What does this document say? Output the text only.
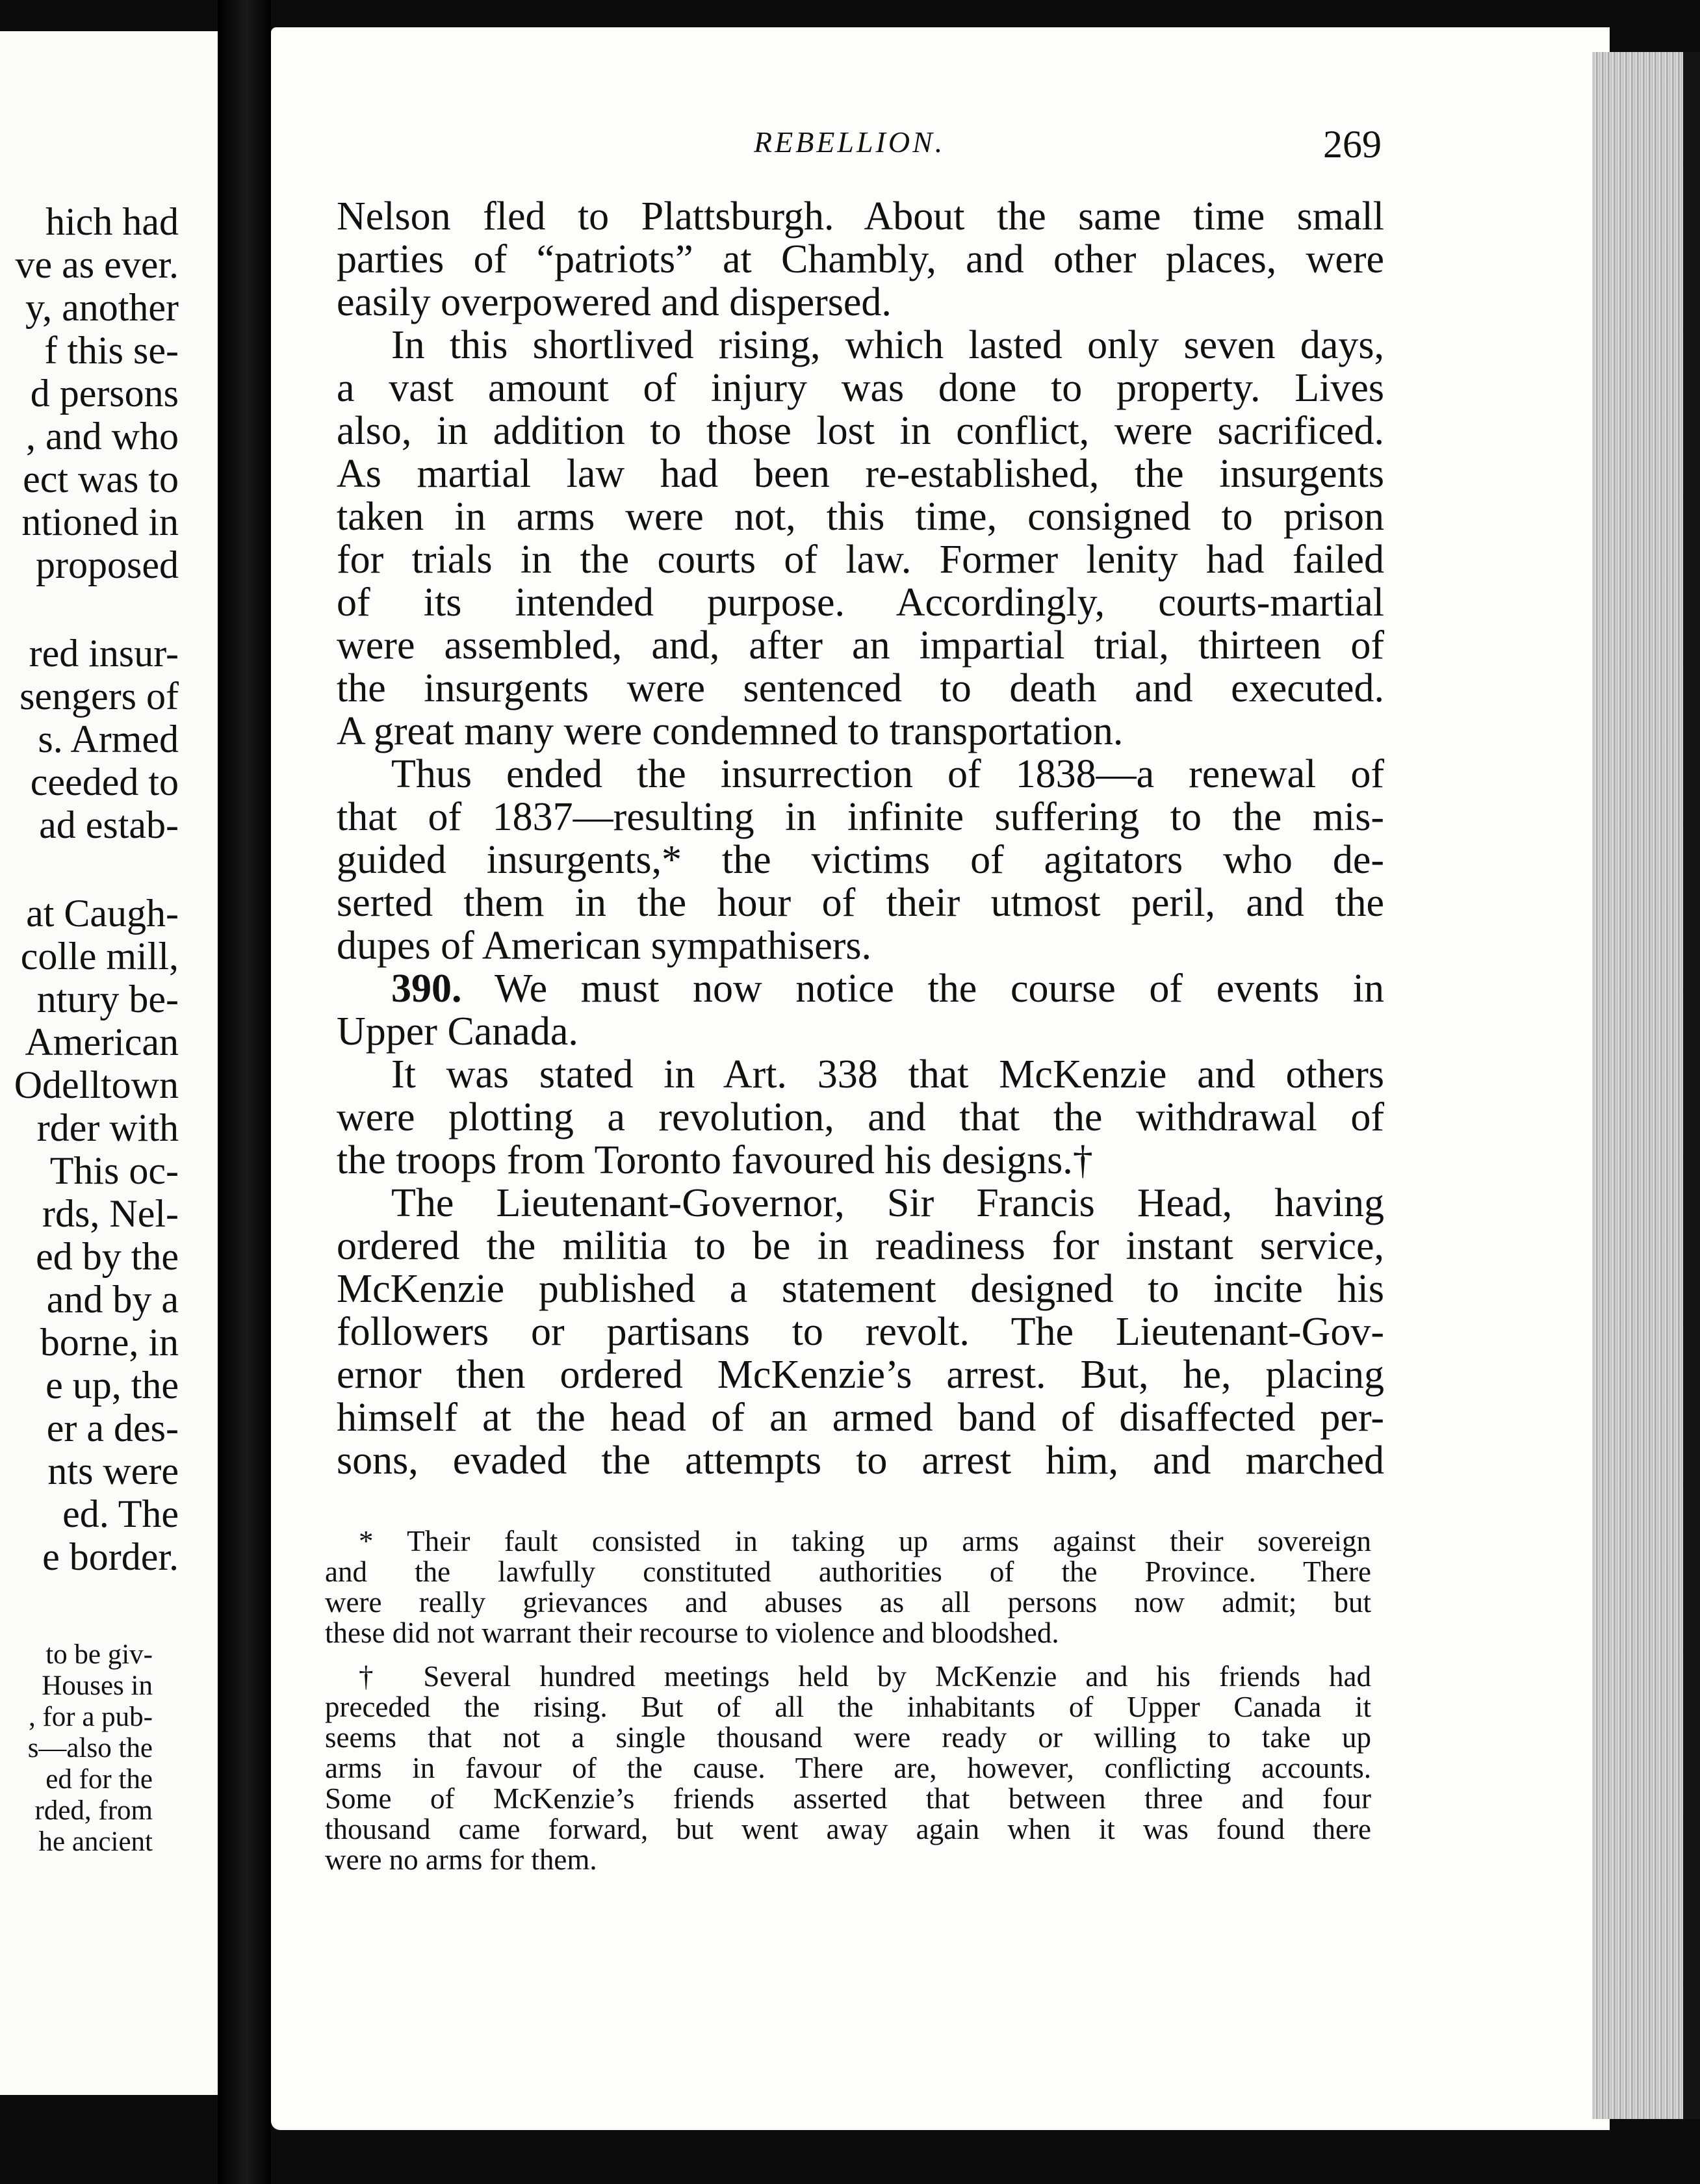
hich had
ve as ever.
y, another
f this se-
d persons
, and who
ect was to
ntioned in
proposed
red insur-
sengers of
s. Armed
ceeded to
ad estab-
at Caugh-
colle mill,
ntury be-
American
Odelltown
rder with
This oc-
rds, Nel-
ed by the
and by a
borne, in
e up, the
er a des-
nts were
ed. The
e border.
to be giv-
Houses in
, for a pub-
s—also the
ed for the
rded, from
he ancient
REBELLION.	269
Nelson fled to Plattsburgh. About the same time small
parties of “patriots” at Chambly, and other places, were
easily overpowered and dispersed.
In this shortlived rising, which lasted only seven days,
a vast amount of injury was done to property. Lives
also, in addition to those lost in conflict, were sacrificed.
As martial law had been re-established, the insurgents
taken in arms were not, this time, consigned to prison
for trials in the courts of law. Former lenity had failed
of its intended purpose. Accordingly, courts-martial
were assembled, and, after an impartial trial, thirteen of
the insurgents were sentenced to death and executed.
A great many were condemned to transportation.
Thus ended the insurrection of 1838—a renewal of
that of 1837—resulting in infinite suffering to the mis-
guided insurgents,* the victims of agitators who de-
serted them in the hour of their utmost peril, and the
dupes of American sympathisers.
390. We must now notice the course of events in
Upper Canada.
It was stated in Art. 338 that McKenzie and others
were plotting a revolution, and that the withdrawal of
the troops from Toronto favoured his designs.†
The Lieutenant-Governor, Sir Francis Head, having
ordered the militia to be in readiness for instant service,
McKenzie published a statement designed to incite his
followers or partisans to revolt. The Lieutenant-Gov-
ernor then ordered McKenzie’s arrest. But, he, placing
himself at the head of an armed band of disaffected per-
sons, evaded the attempts to arrest him, and marched
* Their fault consisted in taking up arms against their sovereign
and the lawfully constituted authorities of the Province. There
were really grievances and abuses as all persons now admit; but
these did not warrant their recourse to violence and bloodshed.
† Several hundred meetings held by McKenzie and his friends had
preceded the rising. But of all the inhabitants of Upper Canada it
seems that not a single thousand were ready or willing to take up
arms in favour of the cause. There are, however, conflicting accounts.
Some of McKenzie’s friends asserted that between three and four
thousand came forward, but went away again when it was found there
were no arms for them.
